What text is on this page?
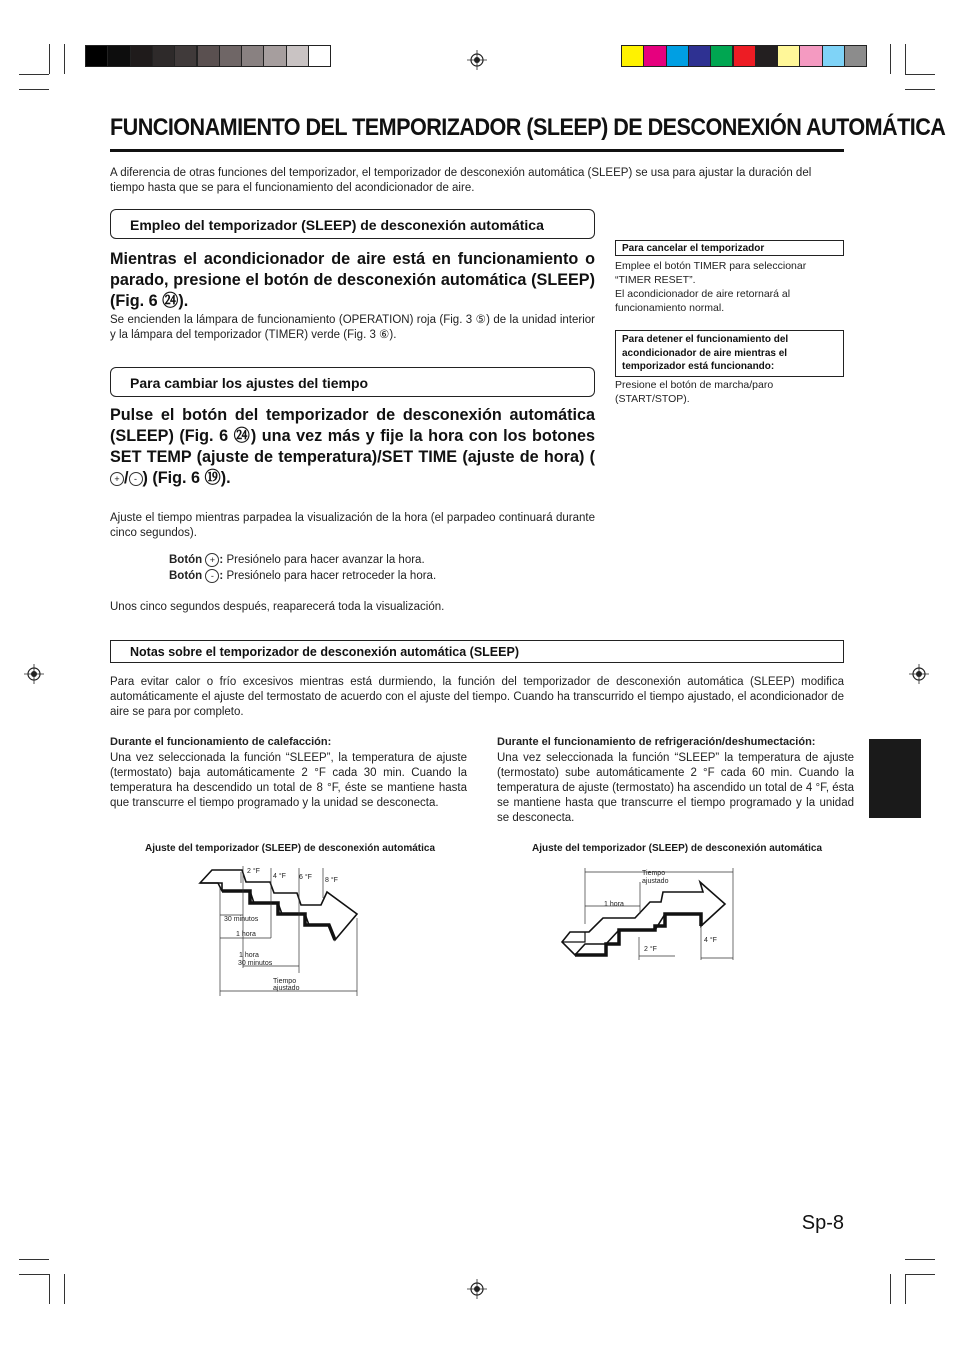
FUNCIONAMIENTO DEL TEMPORIZADOR (SLEEP) DE DESCONEXIÓN AUTOMÁTICA
A diferencia de otras funciones del temporizador, el temporizador de desconexión automática (SLEEP) se usa para ajustar la duración del tiempo hasta que se para el funcionamiento del acondicionador de aire.
Empleo del temporizador (SLEEP) de desconexión automática
Mientras el acondicionador de aire está en funcionamiento o parado, presione el botón de desconexión automática (SLEEP) (Fig. 6 ㉔).
Se encienden la lámpara de funcionamiento (OPERATION) roja (Fig. 3 ⑤) de la unidad interior y la lámpara del temporizador (TIMER) verde (Fig. 3 ⑥).
Para cambiar los ajustes del tiempo
Pulse el botón del temporizador de desconexión automática (SLEEP) (Fig. 6 ㉔) una vez más y fije la hora con los botones SET TEMP (ajuste de temperatura)/SET TIME (ajuste de hora) (+ / - ) (Fig. 6 ⑲).
Ajuste el tiempo mientras parpadea la visualización de la hora (el parpadeo continuará durante cinco segundos).
Botón + : Presiónelo para hacer avanzar la hora.
Botón - : Presiónelo para hacer retroceder la hora.
Unos cinco segundos después, reaparecerá toda la visualización.
Para cancelar el temporizador
Emplee el botón TIMER para seleccionar “TIMER RESET”.
El acondicionador de aire retornará al funcionamiento normal.
Para detener el funcionamiento del acondicionador de aire mientras el temporizador está funcionando:
Presione el botón de marcha/paro (START/STOP).
Notas sobre el temporizador de desconexión automática (SLEEP)
Para evitar calor o frío excesivos mientras está durmiendo, la función del temporizador de desconexión automática (SLEEP) modifica automáticamente el ajuste del termostato de acuerdo con el ajuste del tiempo. Cuando ha transcurrido el tiempo ajustado, el acondicionador de aire se para por completo.
Durante el funcionamiento de calefacción:
Una vez seleccionada la función “SLEEP”, la temperatura de ajuste (termostato) baja automáticamente 2 °F cada 30 min. Cuando la temperatura ha descendido un total de 8 °F, éste se mantiene hasta que transcurre el tiempo programado y la unidad se desconecta.
Durante el funcionamiento de refrigeración/deshumectación:
Una vez seleccionada la función “SLEEP” la temperatura de ajuste (termostato) sube automáticamente 2 °F cada 60 min. Cuando la temperatura de ajuste (termostato) ha ascendido un total de 4 °F, ésta se mantiene hasta que transcurre el tiempo programado y la unidad se desconecta.
Ajuste del temporizador (SLEEP) de desconexión automática
2 °F
4 °F 6 °F 8 °F
30 minutos
1 hora
1 hora
30 minutos
Tiempo
ajustado
Ajuste del temporizador (SLEEP) de desconexión automática
Tiempo
ajustado
1 hora
2 °F
4 °F
Sp-8
